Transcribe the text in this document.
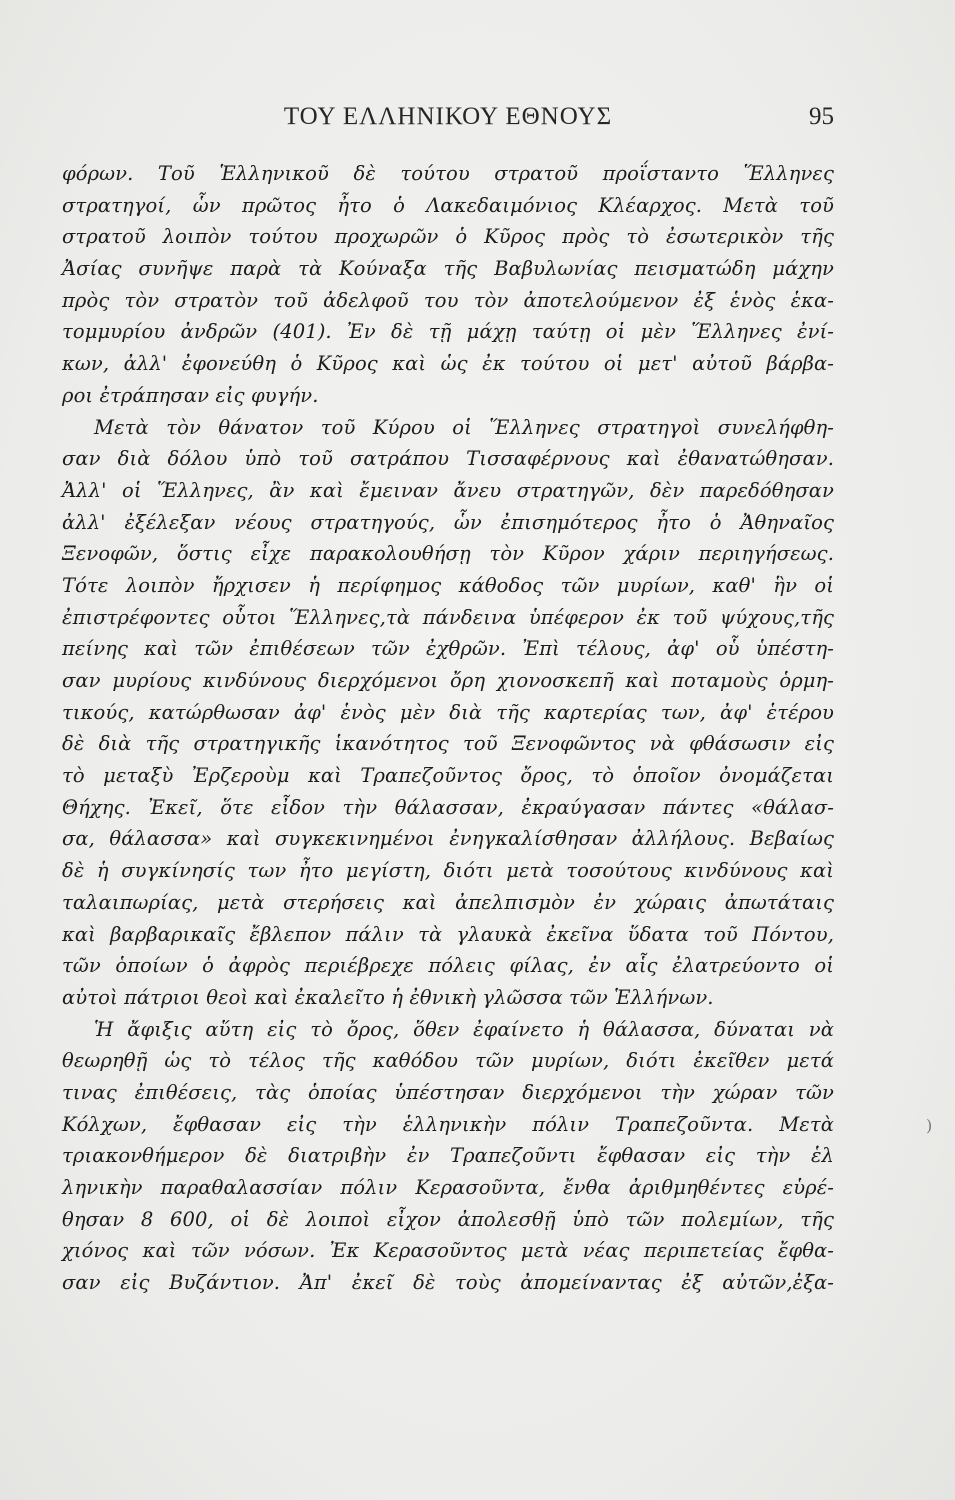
ΤΟΥ ΕΛΛΗΝΙΚΟΥ ΕΘΝΟΥΣ	95
φόρων. Τοῦ Ἑλληνικοῦ δὲ τούτου στρατοῦ προΐσταντο Ἕλληνες
στρατηγοί, ὧν πρῶτος ἦτο ὁ Λακεδαιμόνιος Κλέαρχος. Μετὰ τοῦ
στρατοῦ λοιπὸν τούτου προχωρῶν ὁ Κῦρος πρὸς τὸ ἐσωτερικὸν τῆς
Ἀσίας συνῆψε παρὰ τὰ Κούναξα τῆς Βαβυλωνίας πεισματώδη μάχην
πρὸς τὸν στρατὸν τοῦ ἀδελφοῦ του τὸν ἀποτελούμενον ἐξ ἑνὸς ἑκα-
τομμυρίου ἀνδρῶν (401). Ἐν δὲ τῇ μάχῃ ταύτῃ οἱ μὲν Ἕλληνες ἐνί-
κων, ἀλλ' ἐφονεύθη ὁ Κῦρος καὶ ὡς ἐκ τούτου οἱ μετ' αὐτοῦ βάρβα-
ροι ἐτράπησαν εἰς φυγήν.
Μετὰ τὸν θάνατον τοῦ Κύρου οἱ Ἕλληνες στρατηγοὶ συνελήφθη-
σαν διὰ δόλου ὑπὸ τοῦ σατράπου Τισσαφέρνους καὶ ἐθανατώθησαν.
Ἀλλ' οἱ Ἕλληνες, ἂν καὶ ἔμειναν ἄνευ στρατηγῶν, δὲν παρεδόθησαν
ἀλλ' ἐξέλεξαν νέους στρατηγούς, ὧν ἐπισημότερος ἦτο ὁ Ἀθηναῖος
Ξενοφῶν, ὅστις εἶχε παρακολουθήσῃ τὸν Κῦρον χάριν περιηγήσεως.
Τότε λοιπὸν ἤρχισεν ἡ περίφημος κάθοδος τῶν μυρίων, καθ' ἣν οἱ
ἐπιστρέφοντες οὗτοι Ἕλληνες,τὰ πάνδεινα ὑπέφερον ἐκ τοῦ ψύχους,τῆς
πείνης καὶ τῶν ἐπιθέσεων τῶν ἐχθρῶν. Ἐπὶ τέλους, ἀφ' οὗ ὑπέστη-
σαν μυρίους κινδύνους διερχόμενοι ὄρη χιονοσκεπῆ καὶ ποταμοὺς ὁρμη-
τικούς, κατώρθωσαν ἀφ' ἑνὸς μὲν διὰ τῆς καρτερίας των, ἀφ' ἑτέρου
δὲ διὰ τῆς στρατηγικῆς ἱκανότητος τοῦ Ξενοφῶντος νὰ φθάσωσιν εἰς
τὸ μεταξὺ Ἐρζεροὺμ καὶ Τραπεζοῦντος ὄρος, τὸ ὁποῖον ὀνομάζεται
Θήχης. Ἐκεῖ, ὅτε εἶδον τὴν θάλασσαν, ἐκραύγασαν πάντες «θάλασ-
σα, θάλασσα» καὶ συγκεκινημένοι ἐνηγκαλίσθησαν ἀλλήλους. Βεβαίως
δὲ ἡ συγκίνησίς των ἦτο μεγίστη, διότι μετὰ τοσούτους κινδύνους καὶ
ταλαιπωρίας, μετὰ στερήσεις καὶ ἀπελπισμὸν ἐν χώραις ἀπωτάταις
καὶ βαρβαρικαῖς ἔβλεπον πάλιν τὰ γλαυκὰ ἐκεῖνα ὕδατα τοῦ Πόντου,
τῶν ὁποίων ὁ ἀφρὸς περιέβρεχε πόλεις φίλας, ἐν αἷς ἐλατρεύοντο οἱ
αὐτοὶ πάτριοι θεοὶ καὶ ἐκαλεῖτο ἡ ἐθνικὴ γλῶσσα τῶν Ἑλλήνων.
Ἡ ἄφιξις αὕτη εἰς τὸ ὄρος, ὅθεν ἐφαίνετο ἡ θάλασσα, δύναται νὰ
θεωρηθῇ ὡς τὸ τέλος τῆς καθόδου τῶν μυρίων, διότι ἐκεῖθεν μετά
τινας ἐπιθέσεις, τὰς ὁποίας ὑπέστησαν διερχόμενοι τὴν χώραν τῶν
Κόλχων, ἔφθασαν εἰς τὴν ἑλληνικὴν πόλιν Τραπεζοῦντα. Μετὰ
τριακονθήμερον δὲ διατριβὴν ἐν Τραπεζοῦντι ἔφθασαν εἰς τὴν ἑλ
ληνικὴν παραθαλασσίαν πόλιν Κερασοῦντα, ἔνθα ἀριθμηθέντες εὑρέ-
θησαν 8 600, οἱ δὲ λοιποὶ εἶχον ἀπολεσθῇ ὑπὸ τῶν πολεμίων, τῆς
χιόνος καὶ τῶν νόσων. Ἐκ Κερασοῦντος μετὰ νέας περιπετείας ἔφθα-
σαν εἰς Βυζάντιον. Ἀπ' ἐκεῖ δὲ τοὺς ἀπομείναντας ἐξ αὐτῶν,ἐξα-
)
